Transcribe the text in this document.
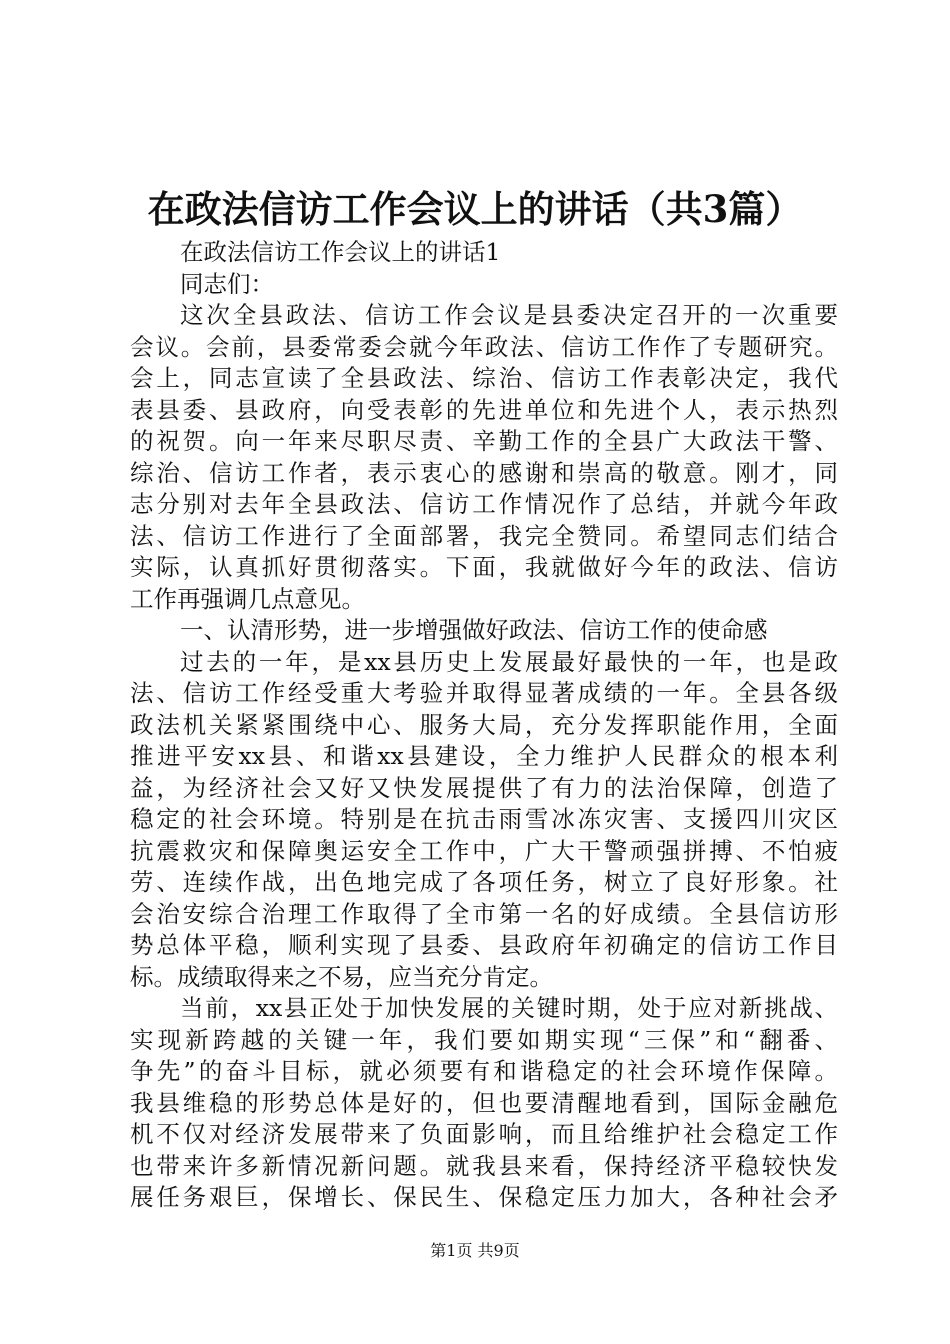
在政法信访工作会议上的讲话（共3篇）
在政法信访工作会议上的讲话1
同志们：
这次全县政法、信访工作会议是县委决定召开的一次重要
会议。会前，县委常委会就今年政法、信访工作作了专题研究。
会上，同志宣读了全县政法、综治、信访工作表彰决定，我代
表县委、县政府，向受表彰的先进单位和先进个人，表示热烈
的祝贺。向一年来尽职尽责、辛勤工作的全县广大政法干警、
综治、信访工作者，表示衷心的感谢和崇高的敬意。刚才，同
志分别对去年全县政法、信访工作情况作了总结，并就今年政
法、信访工作进行了全面部署，我完全赞同。希望同志们结合
实际，认真抓好贯彻落实。下面，我就做好今年的政法、信访
工作再强调几点意见。
一、认清形势，进一步增强做好政法、信访工作的使命感
过去的一年，是xx县历史上发展最好最快的一年，也是政
法、信访工作经受重大考验并取得显著成绩的一年。全县各级
政法机关紧紧围绕中心、服务大局，充分发挥职能作用，全面
推进平安xx县、和谐xx县建设，全力维护人民群众的根本利
益，为经济社会又好又快发展提供了有力的法治保障，创造了
稳定的社会环境。特别是在抗击雨雪冰冻灾害、支援四川灾区
抗震救灾和保障奥运安全工作中，广大干警顽强拼搏、不怕疲
劳、连续作战，出色地完成了各项任务，树立了良好形象。社
会治安综合治理工作取得了全市第一名的好成绩。全县信访形
势总体平稳，顺利实现了县委、县政府年初确定的信访工作目
标。成绩取得来之不易，应当充分肯定。
当前，xx县正处于加快发展的关键时期，处于应对新挑战、
实现新跨越的关键一年，我们要如期实现“三保”和“翻番、
争先”的奋斗目标，就必须要有和谐稳定的社会环境作保障。
我县维稳的形势总体是好的，但也要清醒地看到，国际金融危
机不仅对经济发展带来了负面影响，而且给维护社会稳定工作
也带来许多新情况新问题。就我县来看，保持经济平稳较快发
展任务艰巨，保增长、保民生、保稳定压力加大，各种社会矛
第1页 共9页
